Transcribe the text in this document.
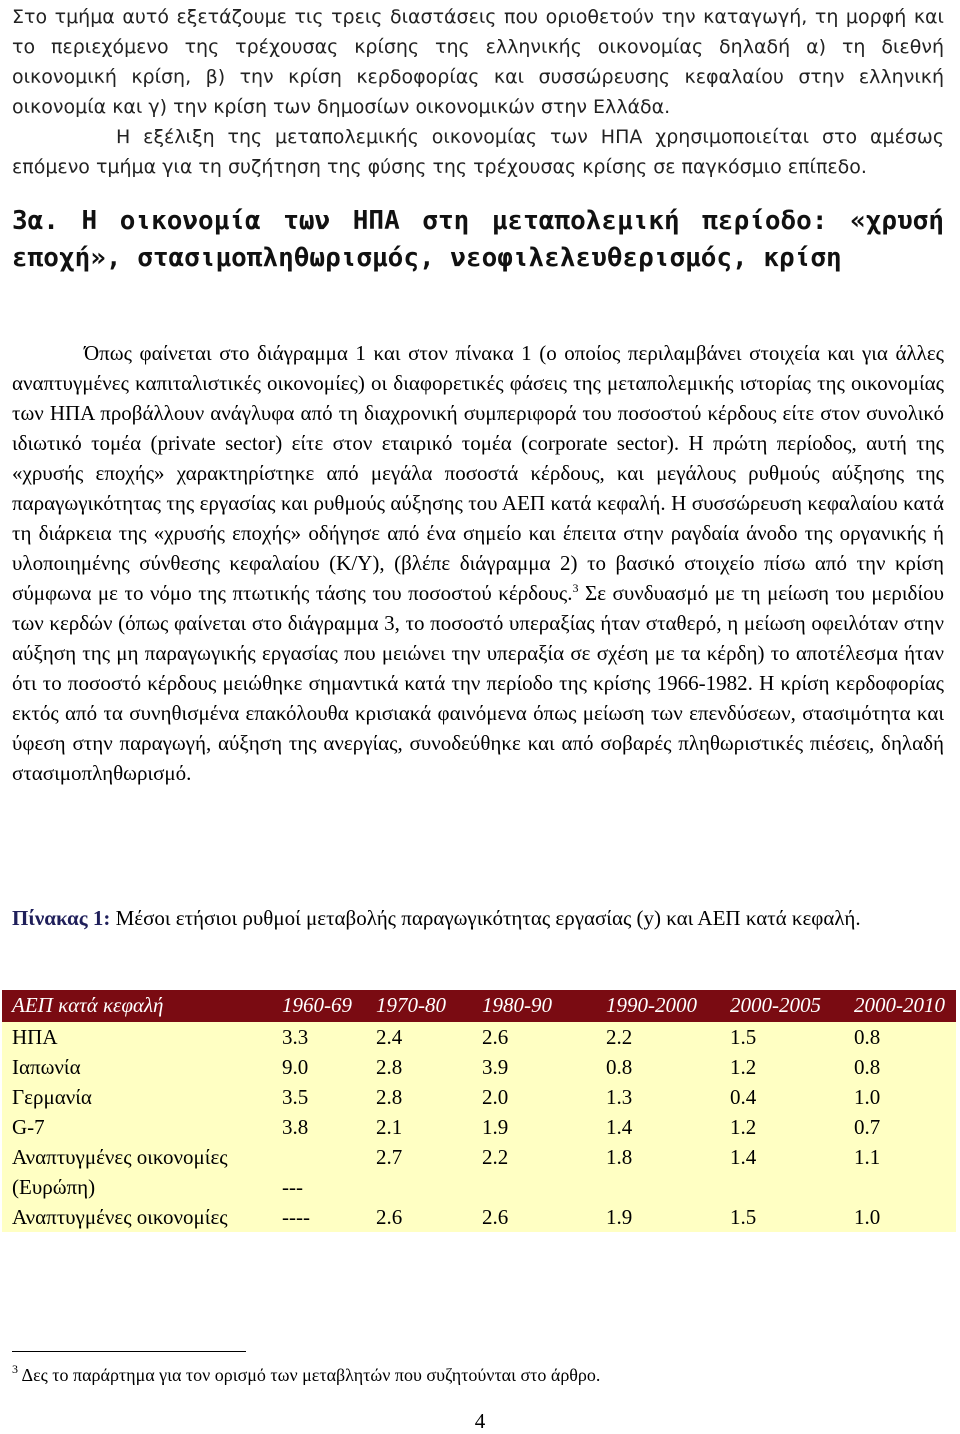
Στο τμήμα αυτό εξετάζουμε τις τρεις διαστάσεις που οριοθετούν την καταγωγή, τη μορφή και το περιεχόμενο της τρέχουσας κρίσης της ελληνικής οικονομίας δηλαδή α) τη διεθνή οικονομική κρίση, β) την κρίση κερδοφορίας και συσσώρευσης κεφαλαίου στην ελληνική οικονομία και γ) την κρίση των δημοσίων οικονομικών στην Ελλάδα.
Η εξέλιξη της μεταπολεμικής οικονομίας των ΗΠΑ χρησιμοποιείται στο αμέσως επόμενο τμήμα για τη συζήτηση της φύσης της τρέχουσας κρίσης σε παγκόσμιο επίπεδο.
3α. Η οικονομία των ΗΠΑ στη μεταπολεμική περίοδο: «χρυσή εποχή», στασιμοπληθωρισμός, νεοφιλελευθερισμός, κρίση
Όπως φαίνεται στο διάγραμμα 1 και στον πίνακα 1 (ο οποίος περιλαμβάνει στοιχεία και για άλλες αναπτυγμένες καπιταλιστικές οικονομίες) οι διαφορετικές φάσεις της μεταπολεμικής ιστορίας της οικονομίας των ΗΠΑ προβάλλουν ανάγλυφα από τη διαχρονική συμπεριφορά του ποσοστού κέρδους είτε στον συνολικό ιδιωτικό τομέα (private sector) είτε στον εταιρικό τομέα (corporate sector). Η πρώτη περίοδος, αυτή της «χρυσής εποχής» χαρακτηρίστηκε από μεγάλα ποσοστά κέρδους, και μεγάλους ρυθμούς αύξησης της παραγωγικότητας της εργασίας και ρυθμούς αύξησης του ΑΕΠ κατά κεφαλή. Η συσσώρευση κεφαλαίου κατά τη διάρκεια της «χρυσής εποχής» οδήγησε από ένα σημείο και έπειτα στην ραγδαία άνοδο της οργανικής ή υλοποιημένης σύνθεσης κεφαλαίου (K/Y), (βλέπε διάγραμμα 2) το βασικό στοιχείο πίσω από την κρίση σύμφωνα με το νόμο της πτωτικής τάσης του ποσοστού κέρδους.$^3$ Σε συνδυασμό με τη μείωση του μεριδίου των κερδών (όπως φαίνεται στο διάγραμμα 3, το ποσοστό υπεραξίας ήταν σταθερό, η μείωση οφειλόταν στην αύξηση της μη παραγωγικής εργασίας που μειώνει την υπεραξία σε σχέση με τα κέρδη) το αποτέλεσμα ήταν ότι το ποσοστό κέρδους μειώθηκε σημαντικά κατά την περίοδο της κρίσης 1966-1982. Η κρίση κερδοφορίας εκτός από τα συνηθισμένα επακόλουθα κρισιακά φαινόμενα όπως μείωση των επενδύσεων, στασιμότητα και ύφεση στην παραγωγή, αύξηση της ανεργίας, συνοδεύθηκε και από σοβαρές πληθωριστικές πιέσεις, δηλαδή στασιμοπληθωρισμό.
Πίνακας 1: Μέσοι ετήσιοι ρυθμοί μεταβολής παραγωγικότητας εργασίας (y) και ΑΕΠ κατά κεφαλή.
ΑΕΠ κατά κεφαλή	1960-69	1970-80	1980-90	1990-2000	2000-2005	2000-2010
ΗΠΑ	3.3	2.4	2.6	2.2	1.5	0.8
Ιαπωνία	9.0	2.8	3.9	0.8	1.2	0.8
Γερμανία	3.5	2.8	2.0	1.3	0.4	1.0
G-7	3.8	2.1	1.9	1.4	1.2	0.7
Αναπτυγμένες οικονομίες (Ευρώπη)	---	2.7	2.2	1.8	1.4	1.1
Αναπτυγμένες οικονομίες	----	2.6	2.6	1.9	1.5	1.0
$^3$ Δες το παράρτημα για τον ορισμό των μεταβλητών που συζητούνται στο άρθρο.
4
